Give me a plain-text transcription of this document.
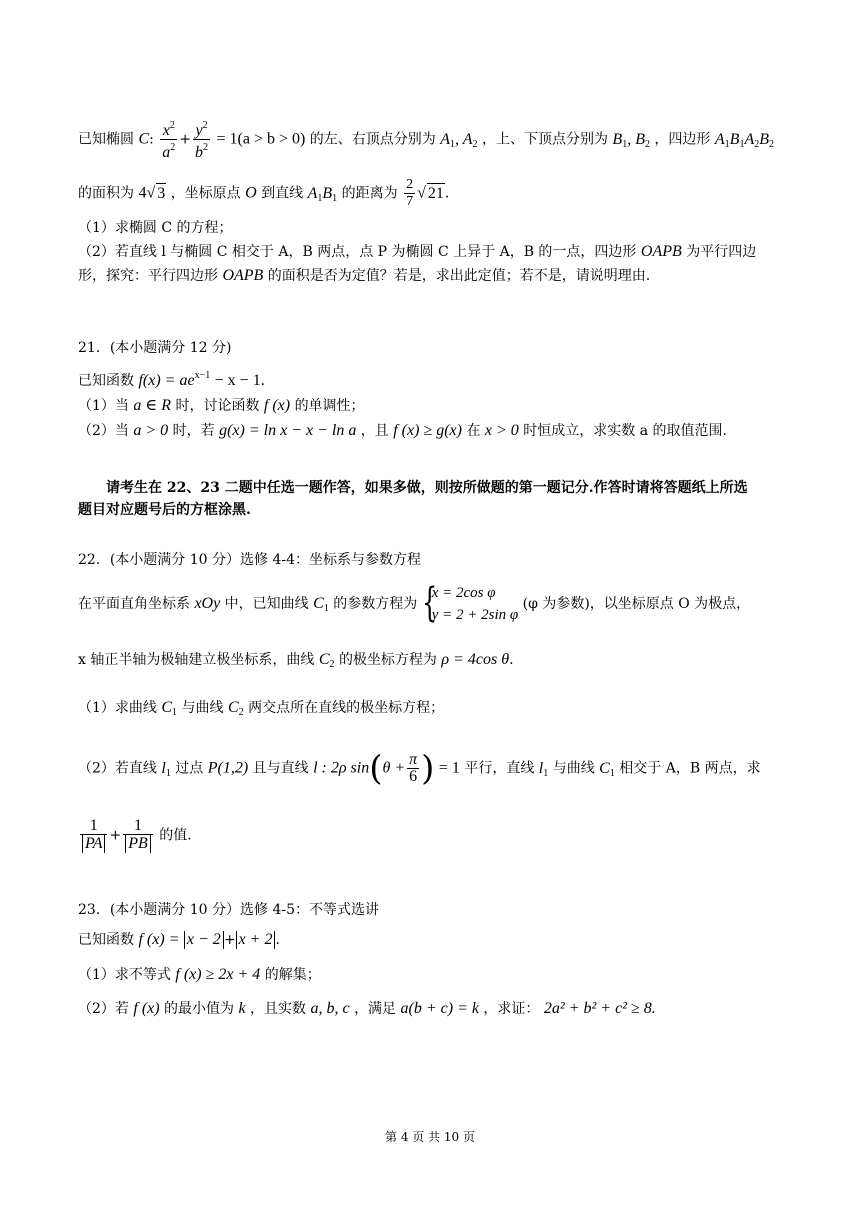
已知椭圆 C: $\frac{x^2}{a^2} + \frac{y^2}{b^2} = 1(a > b > 0)$ 的左、右顶点分别为 $A_1$, $A_2$ ，上、下顶点分别为 $B_1$, $B_2$ ，四边形 $A_1B_1A_2B_2$
的面积为 4√ 3 ，坐标原点 O 到直线 $A_1B_1$ 的距离为 $\frac{2}{7}$ √ 21.
（1）求椭圆 C 的方程；
（2）若直线 l 与椭圆 C 相交于 A，B 两点，点 P 为椭圆 C 上异于 A，B 的一点，四边形 OAPB 为平行四边
形，探究：平行四边形 OAPB 的面积是否为定值？若是，求出此定值；若不是，请说明理由.
21．(本小题满分 12 分)
已知函数 $f(x) = ae^{x-1} - x - 1$.
（1）当 a ∈ R 时，讨论函数 f (x) 的单调性；
（2）当 a > 0 时，若 g(x) = ln x − x − ln a ，且 f (x) ≥ g(x) 在 x > 0 时恒成立，求实数 a 的取值范围.
请考生在 22、23 二题中任选一题作答，如果多做，则按所做题的第一题记分.作答时请将答题纸上所选
题目对应题号后的方框涂黑.
22．(本小题满分 10 分）选修 4-4：坐标系与参数方程
在平面直角坐标系 xOy 中，已知曲线 $C_1$ 的参数方程为 {
x = 2cos φ
y = 2 + 2sin φ
(φ 为参数)，以坐标原点 O 为极点，
x 轴正半轴为极轴建立极坐标系，曲线 $C_2$ 的极坐标方程为 ρ = 4cos θ.
（1）求曲线 $C_1$ 与曲线 $C_2$ 两交点所在直线的极坐标方程；
（2）若直线 $l_1$ 过点 P(1,2) 且与直线 l : 2ρ $\sin(\theta + \frac{\pi}{6}$ ) = 1 平行，直线 $l_1$ 与曲线 $C_1$ 相交于 A，B 两点，求
$\frac{1}{PA} + \frac{1}{PB}$ 的值.
23．(本小题满分 10 分）选修 4-5：不等式选讲
已知函数 f (x) = x − 2 + x + 2 .
（1）求不等式 f (x) ≥ 2x + 4 的解集；
（2）若 f (x) 的最小值为 k ，且实数 a, b, c ，满足 a(b + c) = k ，求证： 2a² + b² + c² ≥ 8.
第 4 页 共 10 页
